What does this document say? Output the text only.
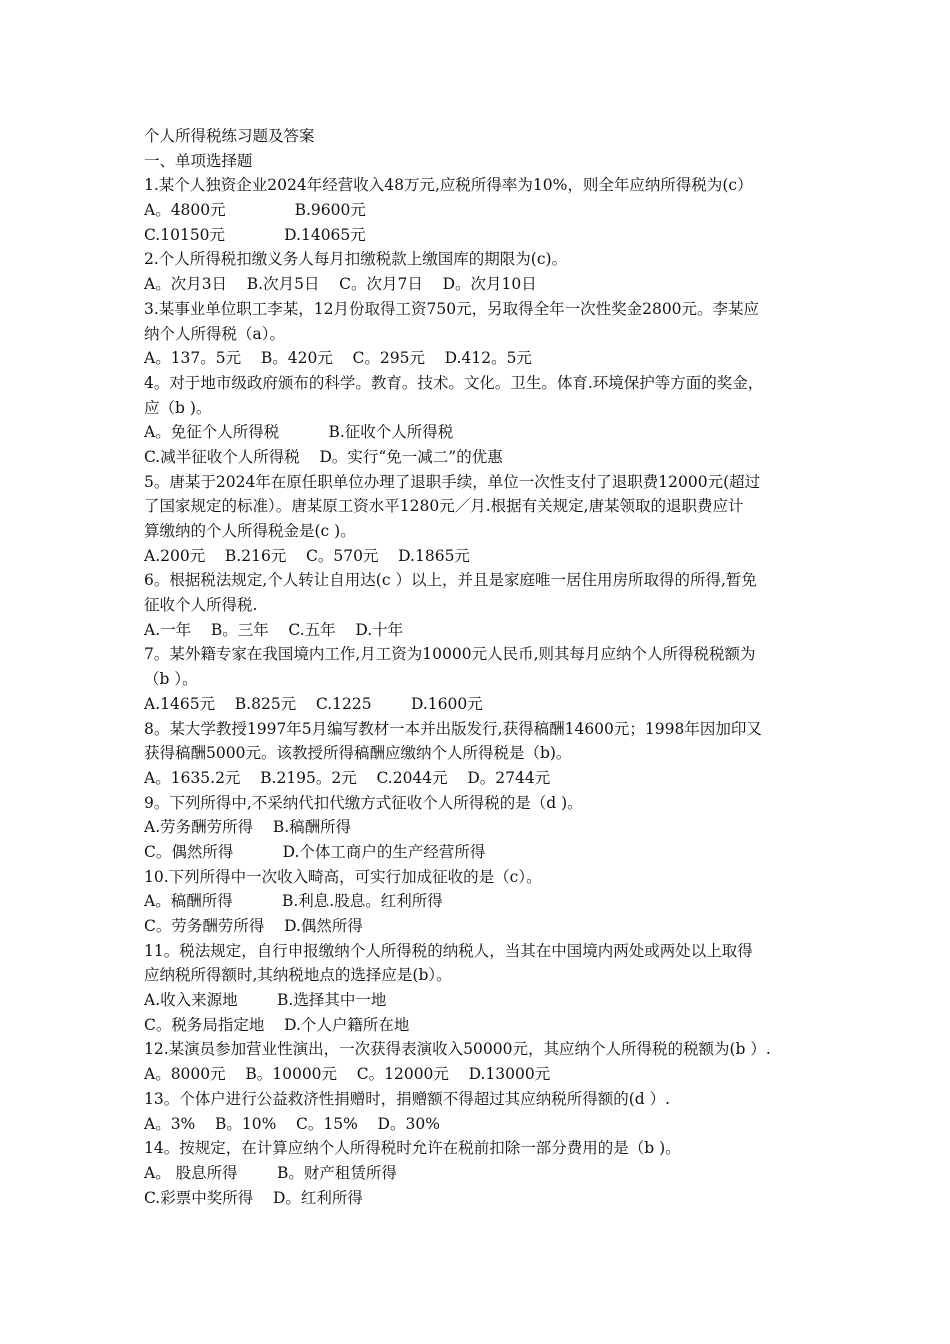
个人所得税练习题及答案
一、单项选择题
1.某个人独资企业2024年经营收入48万元,应税所得率为10%，则全年应纳所得税为(c）
A。4800元              B.9600元
C.10150元            D.14065元
2.个人所得税扣缴义务人每月扣缴税款上缴国库的期限为(c)。
A。次月3日    B.次月5日    C。次月7日    D。次月10日
3.某事业单位职工李某，12月份取得工资750元，另取得全年一次性奖金2800元。李某应
纳个人所得税（a）。
A。137。5元    B。420元    C。295元    D.412。5元
4。对于地市级政府颁布的科学。教育。技术。文化。卫生。体育.环境保护等方面的奖金，
应（b )。
A。免征个人所得税          B.征收个人所得税
C.减半征收个人所得税    D。实行“免一减二”的优惠
5。唐某于2024年在原任职单位办理了退职手续，单位一次性支付了退职费12000元(超过
了国家规定的标准）。唐某原工资水平1280元／月.根据有关规定,唐某领取的退职费应计
算缴纳的个人所得税金是(c )。
A.200元    B.216元    C。570元    D.1865元
6。根据税法规定,个人转让自用达(c ）以上，并且是家庭唯一居住用房所取得的所得,暂免
征收个人所得税.
A.一年    B。三年    C.五年    D.十年
7。某外籍专家在我国境内工作,月工资为10000元人民币,则其每月应纳个人所得税税额为
（b ）。
A.1465元    B.825元    C.1225        D.1600元
8。某大学教授1997年5月编写教材一本并出版发行,获得稿酬14600元；1998年因加印又
获得稿酬5000元。该教授所得稿酬应缴纳个人所得税是（b)。
A。1635.2元    B.2195。2元    C.2044元    D。2744元
9。下列所得中,不采纳代扣代缴方式征收个人所得税的是（d )。
A.劳务酬劳所得    B.稿酬所得
C。偶然所得          D.个体工商户的生产经营所得
10.下列所得中一次收入畸高，可实行加成征收的是（c）。
A。稿酬所得          B.利息.股息。红利所得
C。劳务酬劳所得    D.偶然所得
11。税法规定，自行申报缴纳个人所得税的纳税人，当其在中国境内两处或两处以上取得
应纳税所得额时,其纳税地点的选择应是(b）。
A.收入来源地        B.选择其中一地
C。税务局指定地    D.个人户籍所在地
12.某演员参加营业性演出，一次获得表演收入50000元，其应纳个人所得税的税额为(b ）.
A。8000元    B。10000元    C。12000元    D.13000元
13。个体户进行公益救济性捐赠时，捐赠额不得超过其应纳税所得额的(d ）.
A。3%    B。10%    C。15%    D。30%
14。按规定，在计算应纳个人所得税时允许在税前扣除一部分费用的是（b )。
A。 股息所得        B。财产租赁所得
C.彩票中奖所得    D。红利所得
